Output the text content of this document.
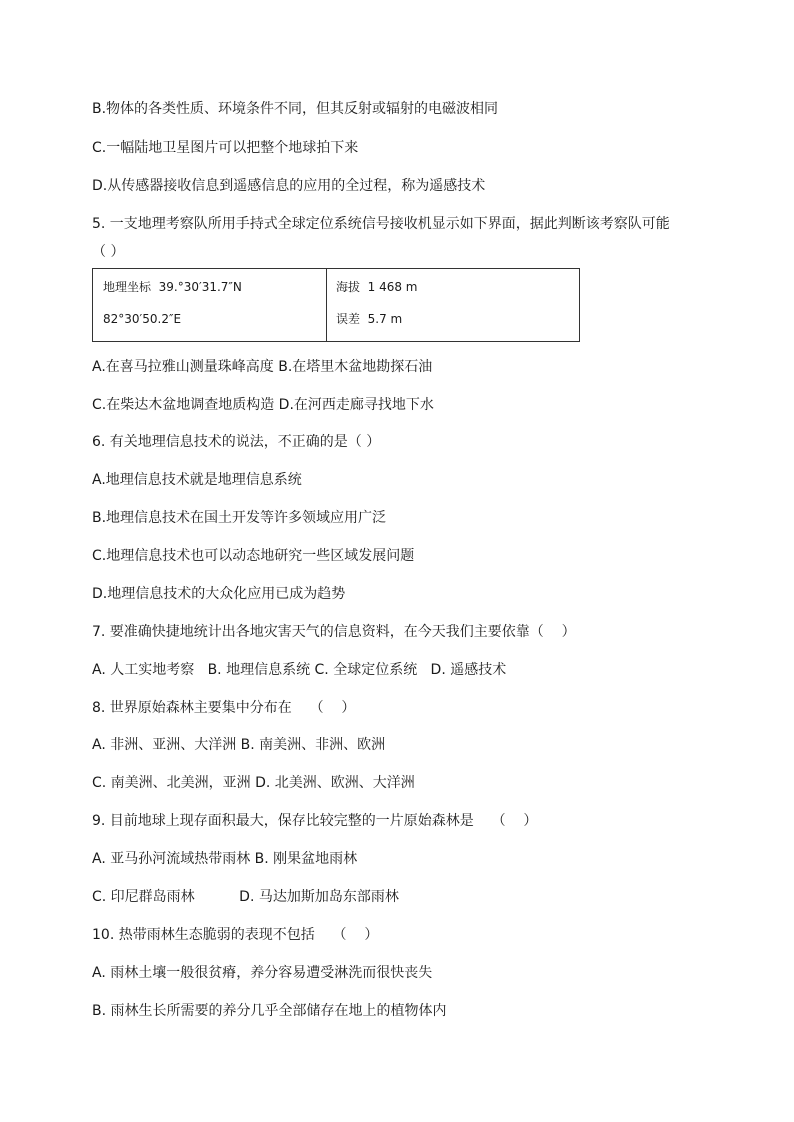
B.物体的各类性质、环境条件不同，但其反射或辐射的电磁波相同
C.一幅陆地卫星图片可以把整个地球拍下来
D.从传感器接收信息到遥感信息的应用的全过程，称为遥感技术
5. 一支地理考察队所用手持式全球定位系统信号接收机显示如下界面，据此判断该考察队可能
（ ）
地理坐标  39.°30′31.7″N
82°30′50.2″E
海拔  1 468 m
误差  5.7 m
A.在喜马拉雅山测量珠峰高度 B.在塔里木盆地勘探石油
C.在柴达木盆地调查地质构造 D.在河西走廊寻找地下水
6. 有关地理信息技术的说法，不正确的是（ ）
A.地理信息技术就是地理信息系统
B.地理信息技术在国土开发等许多领域应用广泛
C.地理信息技术也可以动态地研究一些区域发展问题
D.地理信息技术的大众化应用已成为趋势
7. 要准确快捷地统计出各地灾害天气的信息资料，在今天我们主要依靠（    ）
A. 人工实地考察   B. 地理信息系统 C. 全球定位系统   D. 遥感技术
8. 世界原始森林主要集中分布在    （    ）
A. 非洲、亚洲、大洋洲 B. 南美洲、非洲、欧洲
C. 南美洲、北美洲，亚洲 D. 北美洲、欧洲、大洋洲
9. 目前地球上现存面积最大，保存比较完整的一片原始森林是    （    ）
A. 亚马孙河流域热带雨林 B. 刚果盆地雨林
C. 印尼群岛雨林          D. 马达加斯加岛东部雨林
10. 热带雨林生态脆弱的表现不包括    （    ）
A. 雨林土壤一般很贫瘠，养分容易遭受淋洗而很快丧失
B. 雨林生长所需要的养分几乎全部储存在地上的植物体内
